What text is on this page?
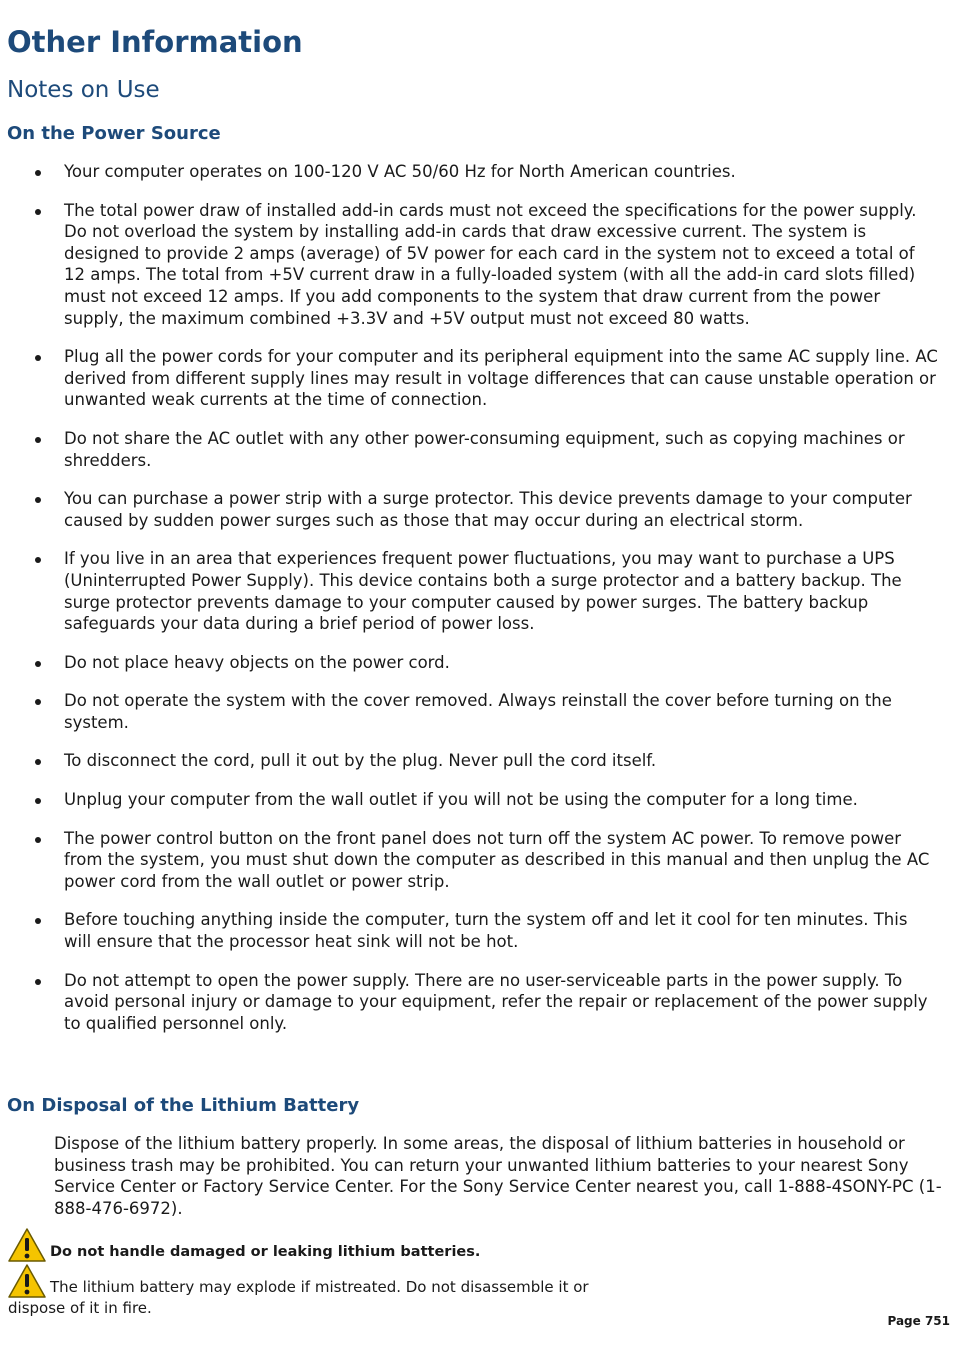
Other Information
Notes on Use
On the Power Source
Your computer operates on 100-120 V AC 50/60 Hz for North American countries.
The total power draw of installed add-in cards must not exceed the specifications for the power supply. Do not overload the system by installing add-in cards that draw excessive current. The system is designed to provide 2 amps (average) of 5V power for each card in the system not to exceed a total of 12 amps. The total from +5V current draw in a fully-loaded system (with all the add-in card slots filled) must not exceed 12 amps. If you add components to the system that draw current from the power supply, the maximum combined +3.3V and +5V output must not exceed 80 watts.
Plug all the power cords for your computer and its peripheral equipment into the same AC supply line. AC derived from different supply lines may result in voltage differences that can cause unstable operation or unwanted weak currents at the time of connection.
Do not share the AC outlet with any other power-consuming equipment, such as copying machines or shredders.
You can purchase a power strip with a surge protector. This device prevents damage to your computer caused by sudden power surges such as those that may occur during an electrical storm.
If you live in an area that experiences frequent power fluctuations, you may want to purchase a UPS (Uninterrupted Power Supply). This device contains both a surge protector and a battery backup. The surge protector prevents damage to your computer caused by power surges. The battery backup safeguards your data during a brief period of power loss.
Do not place heavy objects on the power cord.
Do not operate the system with the cover removed. Always reinstall the cover before turning on the system.
To disconnect the cord, pull it out by the plug. Never pull the cord itself.
Unplug your computer from the wall outlet if you will not be using the computer for a long time.
The power control button on the front panel does not turn off the system AC power. To remove power from the system, you must shut down the computer as described in this manual and then unplug the AC power cord from the wall outlet or power strip.
Before touching anything inside the computer, turn the system off and let it cool for ten minutes. This will ensure that the processor heat sink will not be hot.
Do not attempt to open the power supply. There are no user-serviceable parts in the power supply. To avoid personal injury or damage to your equipment, refer the repair or replacement of the power supply to qualified personnel only.
On Disposal of the Lithium Battery

Dispose of the lithium battery properly. In some areas, the disposal of lithium batteries in household or business trash may be prohibited. You can return your unwanted lithium batteries to your nearest Sony Service Center or Factory Service Center. For the Sony Service Center nearest you, call 1-888-4SONY-PC (1-888-476-6972).

Do not handle damaged or leaking lithium batteries.
The lithium battery may explode if mistreated. Do not disassemble it or dispose of it in fire.
Page 751
